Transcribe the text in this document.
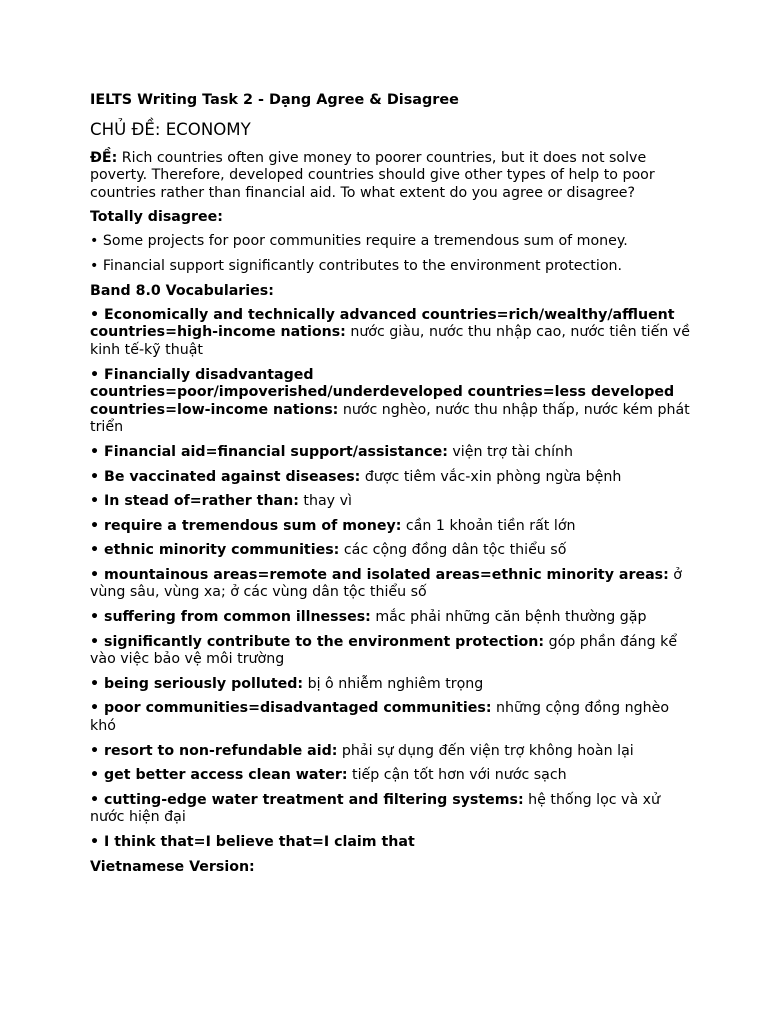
IELTS Writing Task 2 - Dạng Agree & Disagree
CHỦ ĐỀ: ECONOMY
ĐỀ: Rich countries often give money to poorer countries, but it does not solve poverty. Therefore, developed countries should give other types of help to poor countries rather than financial aid. To what extent do you agree or disagree?
Totally disagree:
• Some projects for poor communities require a tremendous sum of money.
• Financial support significantly contributes to the environment protection.
Band 8.0 Vocabularies:
• Economically and technically advanced countries=rich/wealthy/affluent countries=high-income nations: nước giàu, nước thu nhập cao, nước tiên tiến về kinh tế-kỹ thuật
• Financially disadvantaged countries=poor/impoverished/underdeveloped countries=less developed countries=low-income nations: nước nghèo, nước thu nhập thấp, nước kém phát triển
• Financial aid=financial support/assistance: viện trợ tài chính
• Be vaccinated against diseases: được tiêm vắc-xin phòng ngừa bệnh
• In stead of=rather than: thay vì
• require a tremendous sum of money: cần 1 khoản tiền rất lớn
• ethnic minority communities: các cộng đồng dân tộc thiểu số
• mountainous areas=remote and isolated areas=ethnic minority areas: ở vùng sâu, vùng xa; ở các vùng dân tộc thiểu số
• suffering from common illnesses: mắc phải những căn bệnh thường gặp
• significantly contribute to the environment protection: góp phần đáng kể vào việc bảo vệ môi trường
• being seriously polluted: bị ô nhiễm nghiêm trọng
• poor communities=disadvantaged communities: những cộng đồng nghèo khó
• resort to non-refundable aid: phải sự dụng đến viện trợ không hoàn lại
• get better access clean water: tiếp cận tốt hơn với nước sạch
• cutting-edge water treatment and filtering systems: hệ thống lọc và xử nước hiện đại
• I think that=I believe that=I claim that
Vietnamese Version:
